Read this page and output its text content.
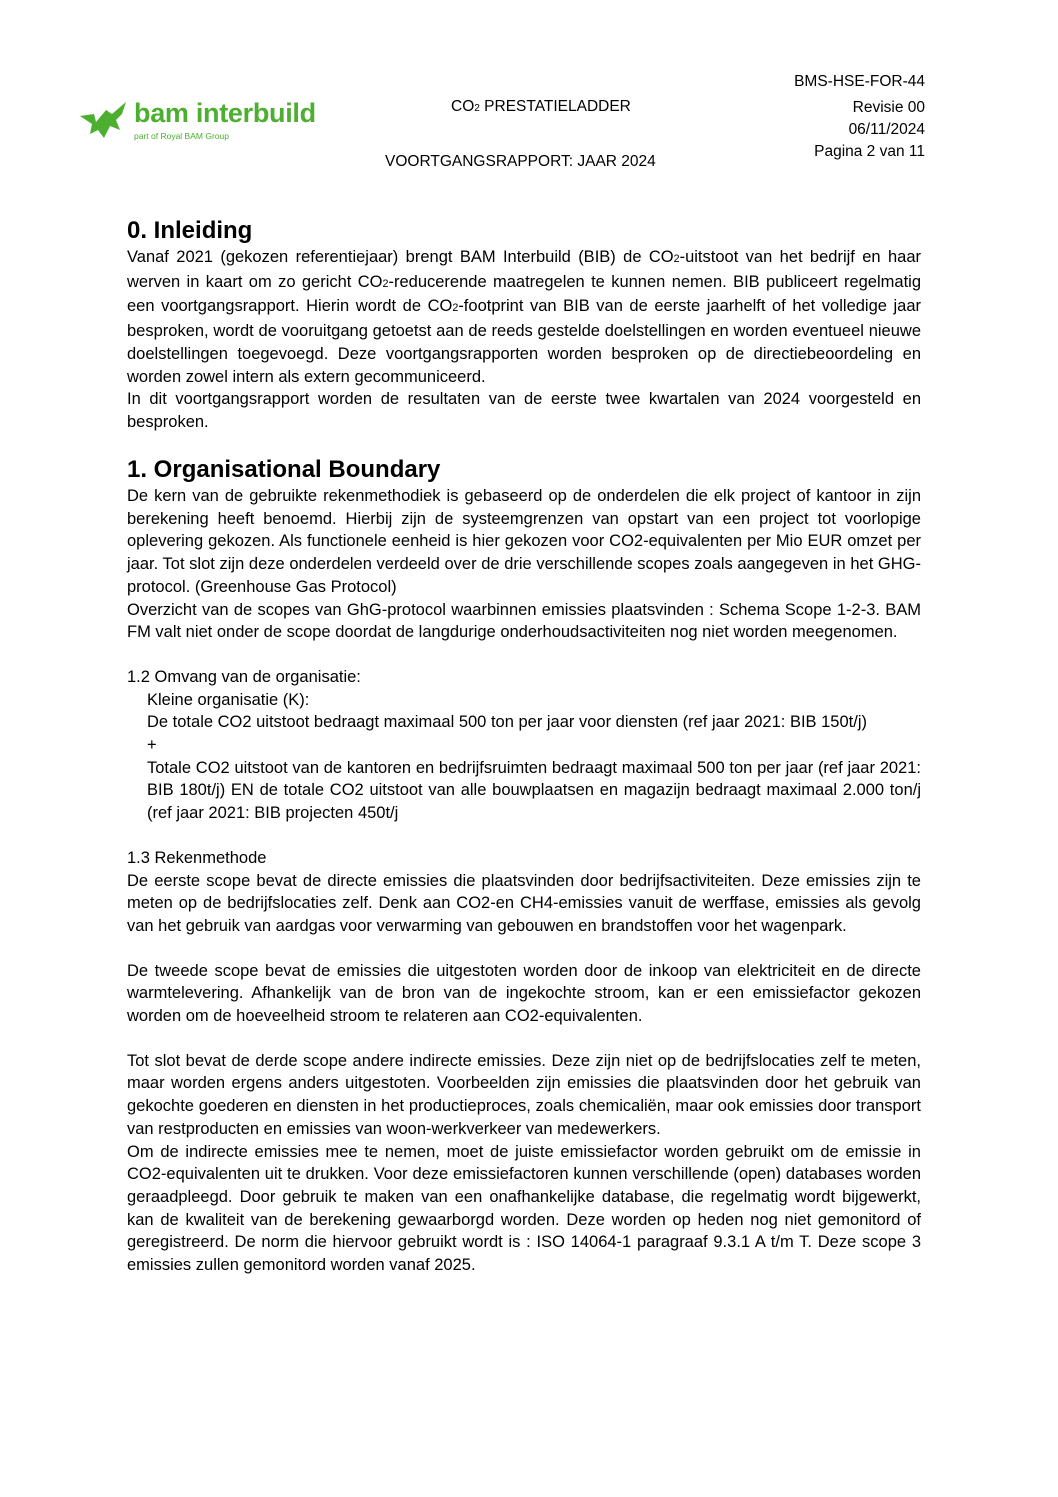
bam interbuild
part of Royal BAM Group
CO2 PRESTATIELADDER
VOORTGANGSRAPPORT: JAAR 2024
BMS-HSE-FOR-44
Revisie 00
06/11/2024
Pagina 2 van 11
0. Inleiding

Vanaf 2021 (gekozen referentiejaar) brengt BAM Interbuild (BIB) de CO2-uitstoot van het bedrijf en haar werven in kaart om zo gericht CO2-reducerende maatregelen te kunnen nemen. BIB publiceert regelmatig een voortgangsrapport. Hierin wordt de CO2-footprint van BIB van de eerste jaarhelft of het volledige jaar besproken, wordt de vooruitgang getoetst aan de reeds gestelde doelstellingen en worden eventueel nieuwe doelstellingen toegevoegd. Deze voortgangsrapporten worden besproken op de directiebeoordeling en worden zowel intern als extern gecommuniceerd.

In dit voortgangsrapport worden de resultaten van de eerste twee kwartalen van 2024 voorgesteld en besproken.

1. Organisational Boundary

De kern van de gebruikte rekenmethodiek is gebaseerd op de onderdelen die elk project of kantoor in zijn berekening heeft benoemd. Hierbij zijn de systeemgrenzen van opstart van een project tot voorlopige oplevering gekozen. Als functionele eenheid is hier gekozen voor CO2-equivalenten per Mio EUR omzet per jaar. Tot slot zijn deze onderdelen verdeeld over de drie verschillende scopes zoals aangegeven in het GHG-protocol. (Greenhouse Gas Protocol)

Overzicht van de scopes van GhG-protocol waarbinnen emissies plaatsvinden : Schema Scope 1-2-3. BAM FM valt niet onder de scope doordat de langdurige onderhoudsactiviteiten nog niet worden meegenomen.

1.2 Omvang van de organisatie:

Kleine organisatie (K):

De totale CO2 uitstoot bedraagt maximaal 500 ton per jaar voor diensten (ref jaar 2021: BIB 150t/j)

+

Totale CO2 uitstoot van de kantoren en bedrijfsruimten bedraagt maximaal 500 ton per jaar (ref jaar 2021: BIB 180t/j) EN de totale CO2 uitstoot van alle bouwplaatsen en magazijn bedraagt maximaal 2.000 ton/j (ref jaar 2021: BIB projecten 450t/j

1.3 Rekenmethode

De eerste scope bevat de directe emissies die plaatsvinden door bedrijfsactiviteiten. Deze emissies zijn te meten op de bedrijfslocaties zelf. Denk aan CO2-en CH4-emissies vanuit de werffase, emissies als gevolg van het gebruik van aardgas voor verwarming van gebouwen en brandstoffen voor het wagenpark.

De tweede scope bevat de emissies die uitgestoten worden door de inkoop van elektriciteit en de directe warmtelevering. Afhankelijk van de bron van de ingekochte stroom, kan er een emissiefactor gekozen worden om de hoeveelheid stroom te relateren aan CO2-equivalenten.

Tot slot bevat de derde scope andere indirecte emissies. Deze zijn niet op de bedrijfslocaties zelf te meten, maar worden ergens anders uitgestoten. Voorbeelden zijn emissies die plaatsvinden door het gebruik van gekochte goederen en diensten in het productieproces, zoals chemicaliën, maar ook emissies door transport van restproducten en emissies van woon-werkverkeer van medewerkers.

Om de indirecte emissies mee te nemen, moet de juiste emissiefactor worden gebruikt om de emissie in CO2-equivalenten uit te drukken. Voor deze emissiefactoren kunnen verschillende (open) databases worden geraadpleegd. Door gebruik te maken van een onafhankelijke database, die regelmatig wordt bijgewerkt, kan de kwaliteit van de berekening gewaarborgd worden. Deze worden op heden nog niet gemonitord of geregistreerd. De norm die hiervoor gebruikt wordt is : ISO 14064-1 paragraaf 9.3.1 A t/m T. Deze scope 3 emissies zullen gemonitord worden vanaf 2025.
